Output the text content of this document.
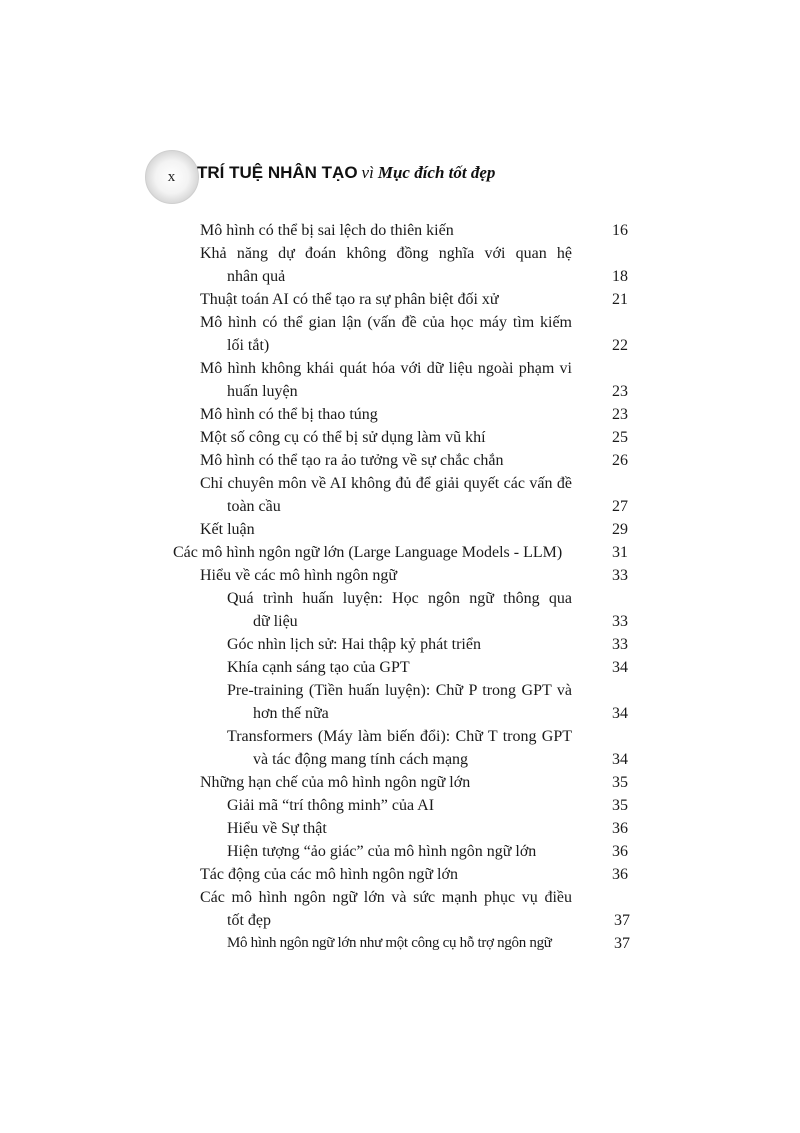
x TRÍ TUỆ NHÂN TẠO vì Mục đích tốt đẹp
Mô hình có thể bị sai lệch do thiên kiến	16
Khả năng dự đoán không đồng nghĩa với quan hệ
nhân quả	18
Thuật toán AI có thể tạo ra sự phân biệt đối xử	21
Mô hình có thể gian lận (vấn đề của học máy tìm kiếm
lối tắt)	22
Mô hình không khái quát hóa với dữ liệu ngoài phạm vi
huấn luyện	23
Mô hình có thể bị thao túng	23
Một số công cụ có thể bị sử dụng làm vũ khí	25
Mô hình có thể tạo ra ảo tưởng về sự chắc chắn	26
Chỉ chuyên môn về AI không đủ để giải quyết các vấn đề
toàn cầu	27
Kết luận	29
Các mô hình ngôn ngữ lớn (Large Language Models - LLM)	31
Hiểu về các mô hình ngôn ngữ	33
Quá trình huấn luyện: Học ngôn ngữ thông qua
dữ liệu	33
Góc nhìn lịch sử: Hai thập kỷ phát triển	33
Khía cạnh sáng tạo của GPT	34
Pre-training (Tiền huấn luyện): Chữ P trong GPT và
hơn thế nữa	34
Transformers (Máy làm biến đổi): Chữ T trong GPT
và tác động mang tính cách mạng	34
Những hạn chế của mô hình ngôn ngữ lớn	35
Giải mã “trí thông minh” của AI	35
Hiểu về Sự thật	36
Hiện tượng “ảo giác” của mô hình ngôn ngữ lớn	36
Tác động của các mô hình ngôn ngữ lớn	36
Các mô hình ngôn ngữ lớn và sức mạnh phục vụ điều
tốt đẹp	37
Mô hình ngôn ngữ lớn như một công cụ hỗ trợ ngôn ngữ	37
